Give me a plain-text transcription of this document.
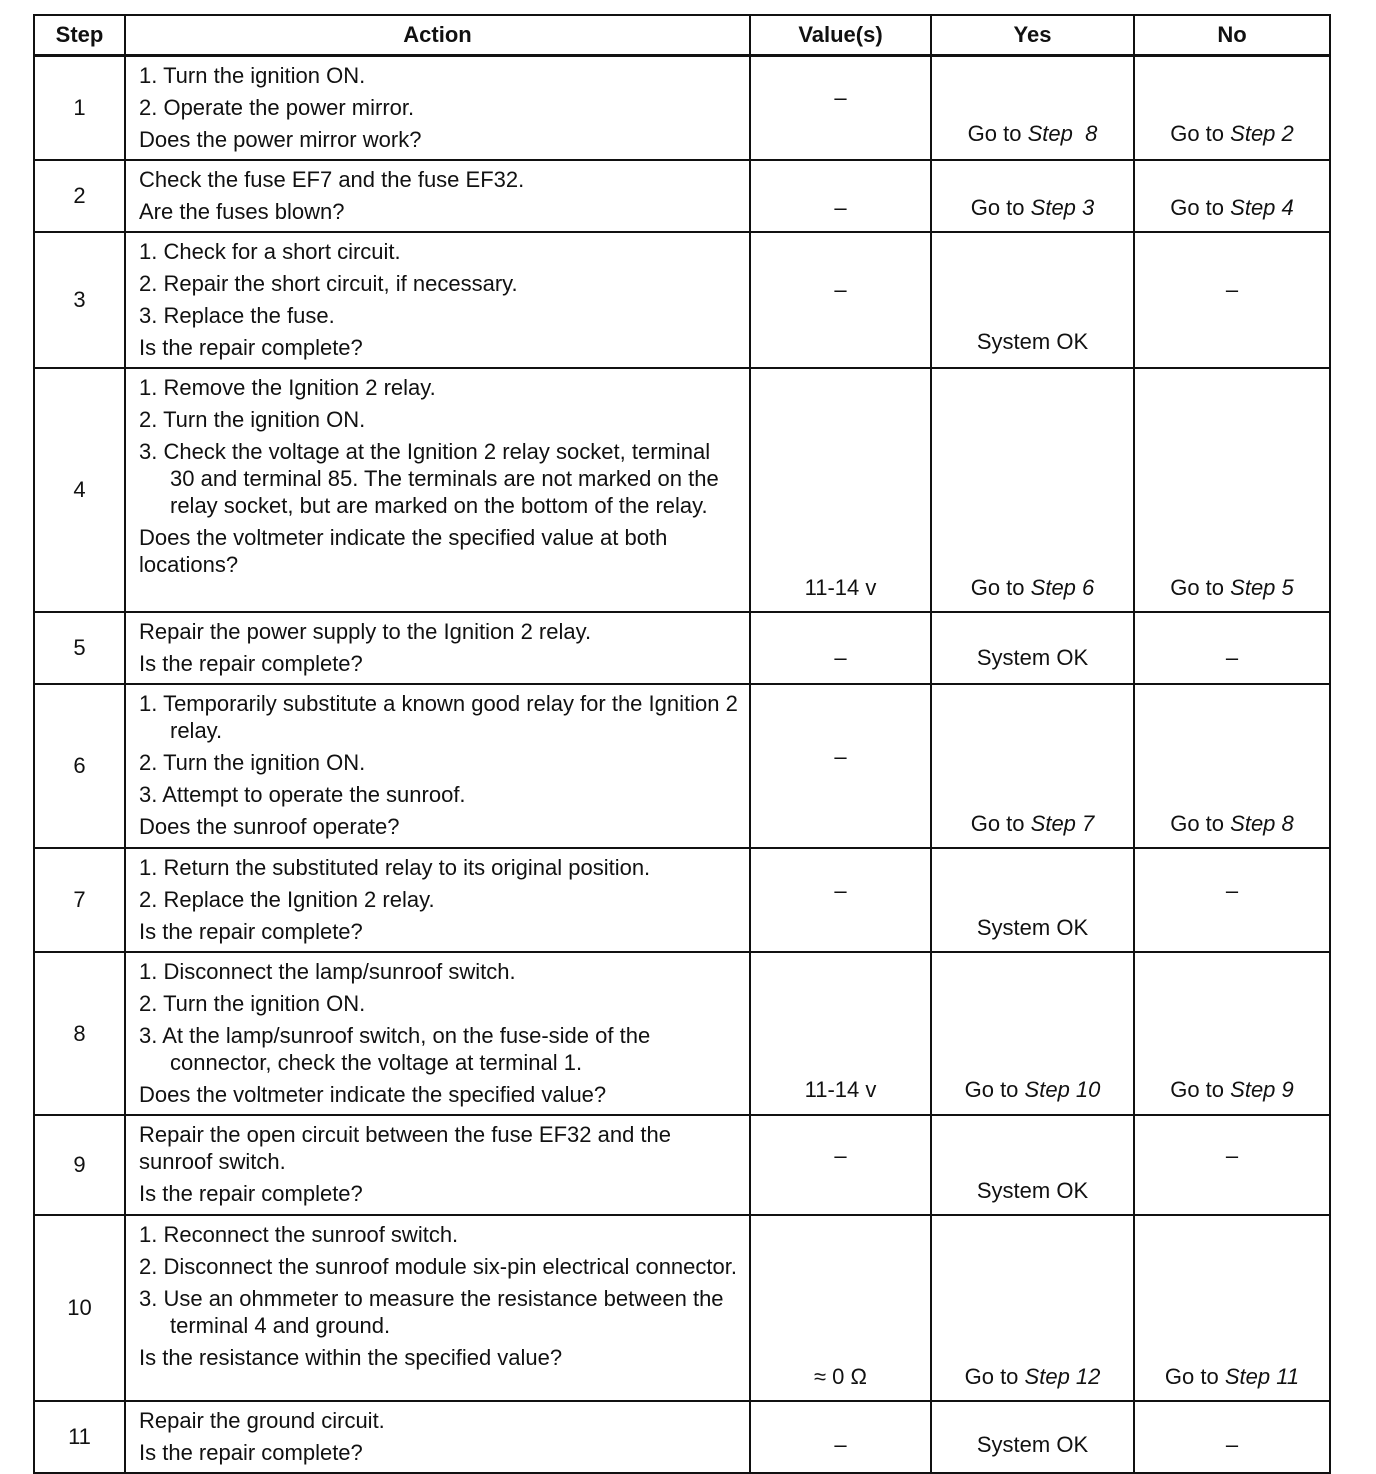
Step	Action	Value(s)	Yes	No
1	1. Turn the ignition ON.
2. Operate the power mirror.
Does the power mirror work?	–	Go to Step  8	Go to Step 2

2	Check the fuse EF7 and the fuse EF32.
Are the fuses blown?	–	Go to Step 3	Go to Step 4

3	1. Check for a short circuit.
2. Repair the short circuit, if necessary.
3. Replace the fuse.
Is the repair complete?	–	System OK	–

4	1. Remove the Ignition 2 relay.
2. Turn the ignition ON.
3. Check the voltage at the Ignition 2 relay socket, terminal 30 and terminal 85. The terminals are not marked on the relay socket, but are marked on the bottom of the relay.
Does the voltmeter indicate the specified value at both locations?	11-14 v	Go to Step 6	Go to Step 5

5	Repair the power supply to the Ignition 2 relay.
Is the repair complete?	–	System OK	–

6	1. Temporarily substitute a known good relay for the Ignition 2 relay.
2. Turn the ignition ON.
3. Attempt to operate the sunroof.
Does the sunroof operate?	–	Go to Step 7	Go to Step 8

7	1. Return the substituted relay to its original position.
2. Replace the Ignition 2 relay.
Is the repair complete?	–	System OK	–

8	1. Disconnect the lamp/sunroof switch.
2. Turn the ignition ON.
3. At the lamp/sunroof switch, on the fuse-side of the connector, check the voltage at terminal 1.
Does the voltmeter indicate the specified value?	11-14 v	Go to Step 10	Go to Step 9

9	Repair the open circuit between the fuse EF32 and the sunroof switch.
Is the repair complete?	–	System OK	–

10	1. Reconnect the sunroof switch.
2. Disconnect the sunroof module six-pin electrical connector.
3. Use an ohmmeter to measure the resistance between the terminal 4 and ground.
Is the resistance within the specified value?	≈ 0 Ω	Go to Step 12	Go to Step 11

11	Repair the ground circuit.
Is the repair complete?	–	System OK	–
